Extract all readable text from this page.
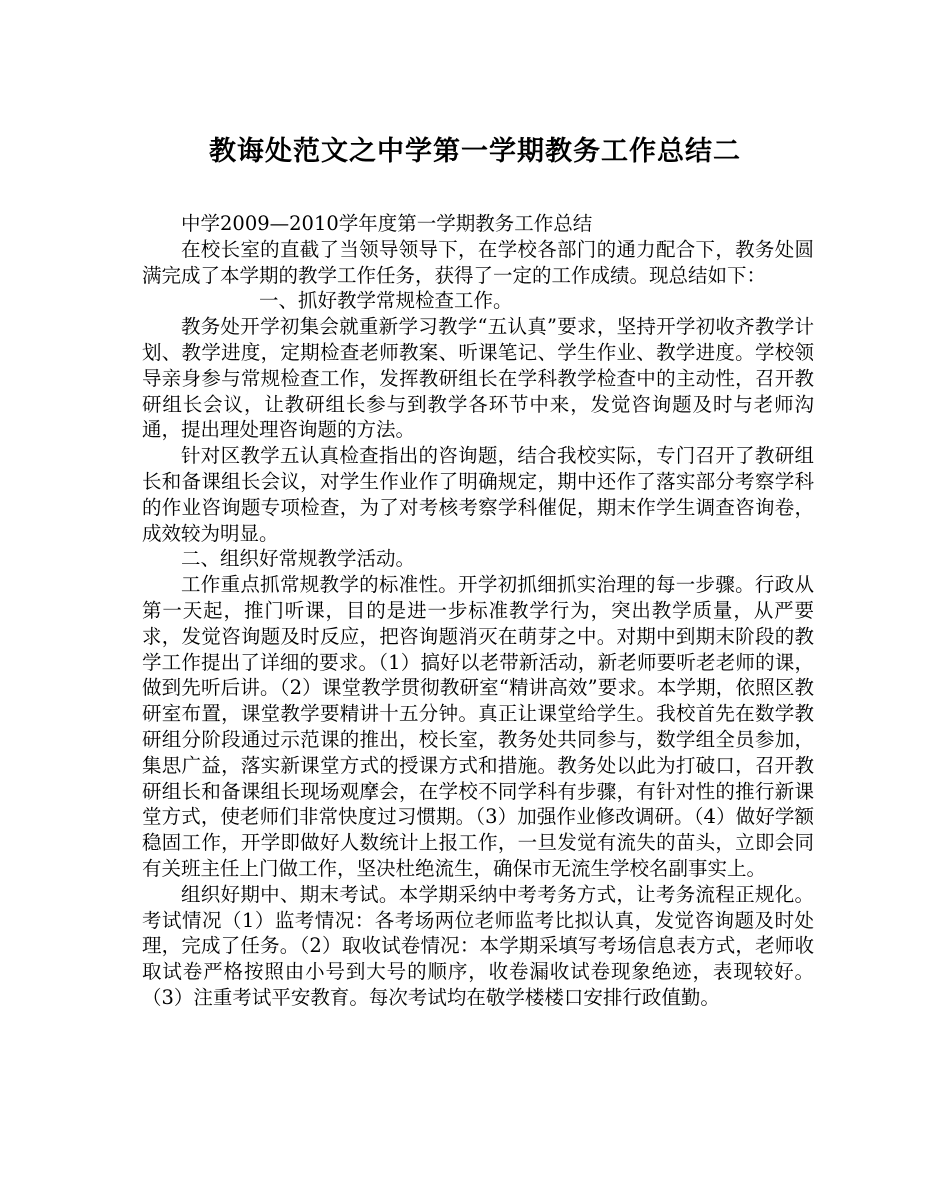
教诲处范文之中学第一学期教务工作总结二

中学2009—2010学年度第一学期教务工作总结

在校长室的直截了当领导领导下，在学校各部门的通力配合下，教务处圆满完成了本学期的教学工作任务，获得了一定的工作成绩。现总结如下：

一、抓好教学常规检查工作。

教务处开学初集会就重新学习教学“五认真”要求，坚持开学初收齐教学计划、教学进度，定期检查老师教案、听课笔记、学生作业、教学进度。学校领导亲身参与常规检查工作，发挥教研组长在学科教学检查中的主动性，召开教研组长会议，让教研组长参与到教学各环节中来，发觉咨询题及时与老师沟通，提出理处理咨询题的方法。

针对区教学五认真检查指出的咨询题，结合我校实际，专门召开了教研组长和备课组长会议，对学生作业作了明确规定，期中还作了落实部分考察学科的作业咨询题专项检查，为了对考核考察学科催促，期末作学生调查咨询卷，成效较为明显。

二、组织好常规教学活动。

工作重点抓常规教学的标准性。开学初抓细抓实治理的每一步骤。行政从第一天起，推门听课，目的是进一步标准教学行为，突出教学质量，从严要求，发觉咨询题及时反应，把咨询题消灭在萌芽之中。对期中到期末阶段的教学工作提出了详细的要求。（1）搞好以老带新活动，新老师要听老老师的课，做到先听后讲。（2）课堂教学贯彻教研室“精讲高效”要求。本学期，依照区教研室布置，课堂教学要精讲十五分钟。真正让课堂给学生。我校首先在数学教研组分阶段通过示范课的推出，校长室，教务处共同参与，数学组全员参加，集思广益，落实新课堂方式的授课方式和措施。教务处以此为打破口，召开教研组长和备课组长现场观摩会，在学校不同学科有步骤，有针对性的推行新课堂方式，使老师们非常快度过习惯期。（3）加强作业修改调研。（4）做好学额稳固工作，开学即做好人数统计上报工作，一旦发觉有流失的苗头，立即会同有关班主任上门做工作，坚决杜绝流生，确保市无流生学校名副事实上。

组织好期中、期末考试。本学期采纳中考考务方式，让考务流程正规化。考试情况（1）监考情况：各考场两位老师监考比拟认真，发觉咨询题及时处理，完成了任务。（2）取收试卷情况：本学期采填写考场信息表方式，老师收取试卷严格按照由小号到大号的顺序，收卷漏收试卷现象绝迹，表现较好。（3）注重考试平安教育。每次考试均在敬学楼楼口安排行政值勤。
